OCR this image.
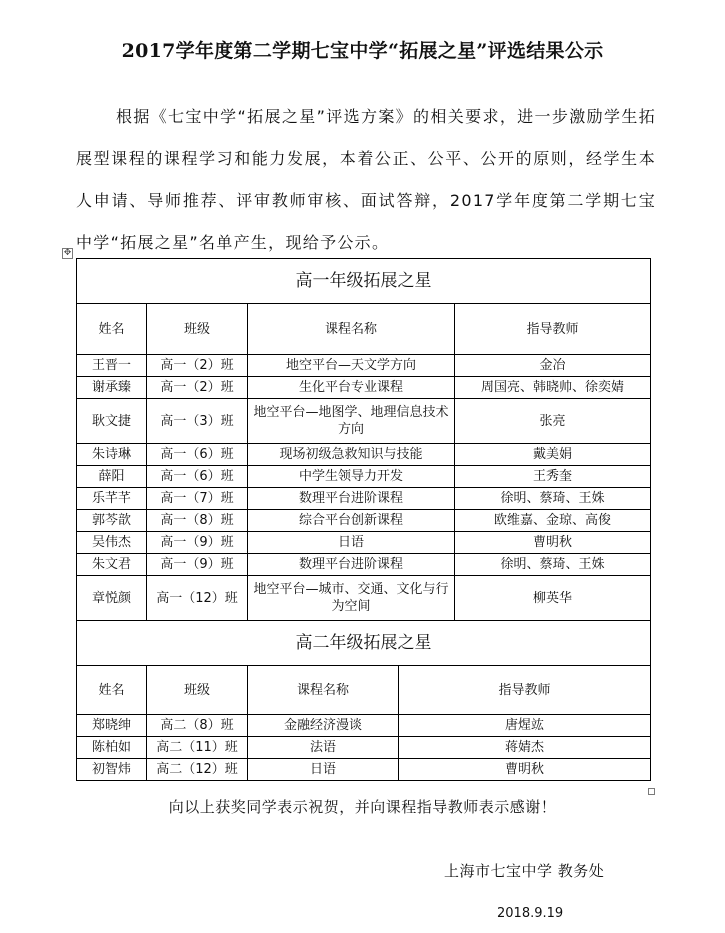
2017学年度第二学期七宝中学“拓展之星”评选结果公示
根据《七宝中学“拓展之星”评选方案》的相关要求，进一步激励学生拓展型课程的课程学习和能力发展，本着公正、公平、公开的原则，经学生本人申请、导师推荐、评审教师审核、面试答辩，2017学年度第二学期七宝中学“拓展之星”名单产生，现给予公示。
✥
高一年级拓展之星				
姓名	班级	课程名称		指导教师
王晋一	高一（2）班	地空平台—天文学方向		金冶
谢承臻	高一（2）班	生化平台专业课程		周国亮、韩晓帅、徐奕婧
耿文捷	高一（3）班	地空平台—地图学、地理信息技术方向		张亮
朱诗琳	高一（6）班	现场初级急救知识与技能		戴美娟
薛阳	高一（6）班	中学生领导力开发		王秀奎
乐芊芊	高一（7）班	数理平台进阶课程		徐明、蔡琦、王姝
郭芩歆	高一（8）班	综合平台创新课程		欧维嘉、金琼、高俊
吴伟杰	高一（9）班	日语		曹明秋
朱文君	高一（9）班	数理平台进阶课程		徐明、蔡琦、王姝
章悦颜	高一（12）班	地空平台—城市、交通、文化与行为空间		柳英华
高二年级拓展之星				
姓名	班级	课程名称	指导教师	
郑晓绅	高二（8）班	金融经济漫谈	唐煋竑	
陈柏如	高二（11）班	法语	蒋婧杰	
初智炜	高二（12）班	日语	曹明秋	
向以上获奖同学表示祝贺，并向课程指导教师表示感谢！
上海市七宝中学 教务处
2018.9.19
